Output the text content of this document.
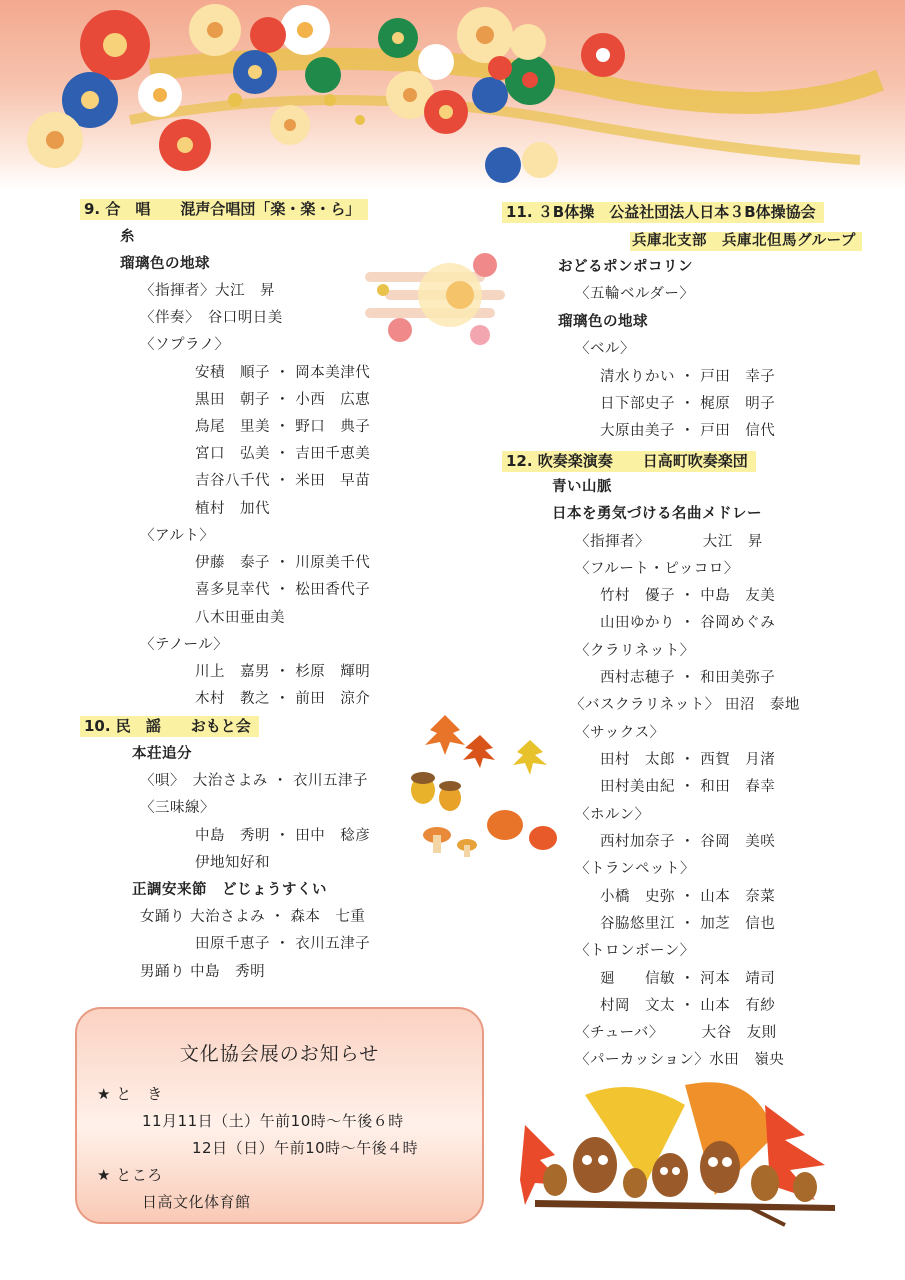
9. 合　唱　　混声合唱団「楽・楽・ら」
10. 民　謡　　おもと会
11. ３B体操　公益社団法人日本３B体操協会
12. 吹奏楽演奏　　日高町吹奏楽団
糸
瑠璃色の地球
〈指揮者〉大江　昇
〈伴奏〉　谷口明日美
〈ソプラノ〉
安積　順子 ・ 岡本美津代
黒田　朝子 ・ 小西　広恵
鳥尾　里美 ・ 野口　典子
宮口　弘美 ・ 吉田千恵美
吉谷八千代 ・ 米田　早苗
植村　加代
〈アルト〉
伊藤　泰子 ・ 川原美千代
喜多見幸代 ・ 松田香代子
八木田亜由美
〈テノール〉
川上　嘉男 ・ 杉原　輝明
木村　教之 ・ 前田　涼介
本荘追分
〈唄〉　大治さよみ ・ 衣川五津子
〈三味線〉
中島　秀明 ・ 田中　稔彦
伊地知好和
正調安来節　どじょうすくい
女踊り 大治さよみ ・ 森本　七重
田原千恵子 ・ 衣川五津子
男踊り 中島　秀明
兵庫北支部　兵庫北但馬グループ
おどるポンポコリン
〈五輪ベルダー〉
瑠璃色の地球
〈ベル〉
清水りかい ・ 戸田　幸子
日下部史子 ・ 梶原　明子
大原由美子 ・ 戸田　信代
青い山脈
日本を勇気づける名曲メドレー
〈指揮者〉　　　　大江　昇
〈フルート・ピッコロ〉
竹村　優子 ・ 中島　友美
山田ゆかり ・ 谷岡めぐみ
〈クラリネット〉
西村志穂子 ・ 和田美弥子
〈バスクラリネット〉 田沼　泰地
〈サックス〉
田村　太郎 ・ 西賀　月渚
田村美由紀 ・ 和田　春幸
〈ホルン〉
西村加奈子 ・ 谷岡　美咲
〈トランペット〉
小橋　史弥 ・ 山本　奈菜
谷脇悠里江 ・ 加芝　信也
〈トロンボーン〉
廻　　信敏 ・ 河本　靖司
村岡　文太 ・ 山本　有紗
〈チューバ〉　　　大谷　友則
〈パーカッション〉水田　嶺央
文化協会展のお知らせ
★ と　き
11月11日（土）午前10時～午後６時
12日（日）午前10時～午後４時
★ ところ
日高文化体育館
